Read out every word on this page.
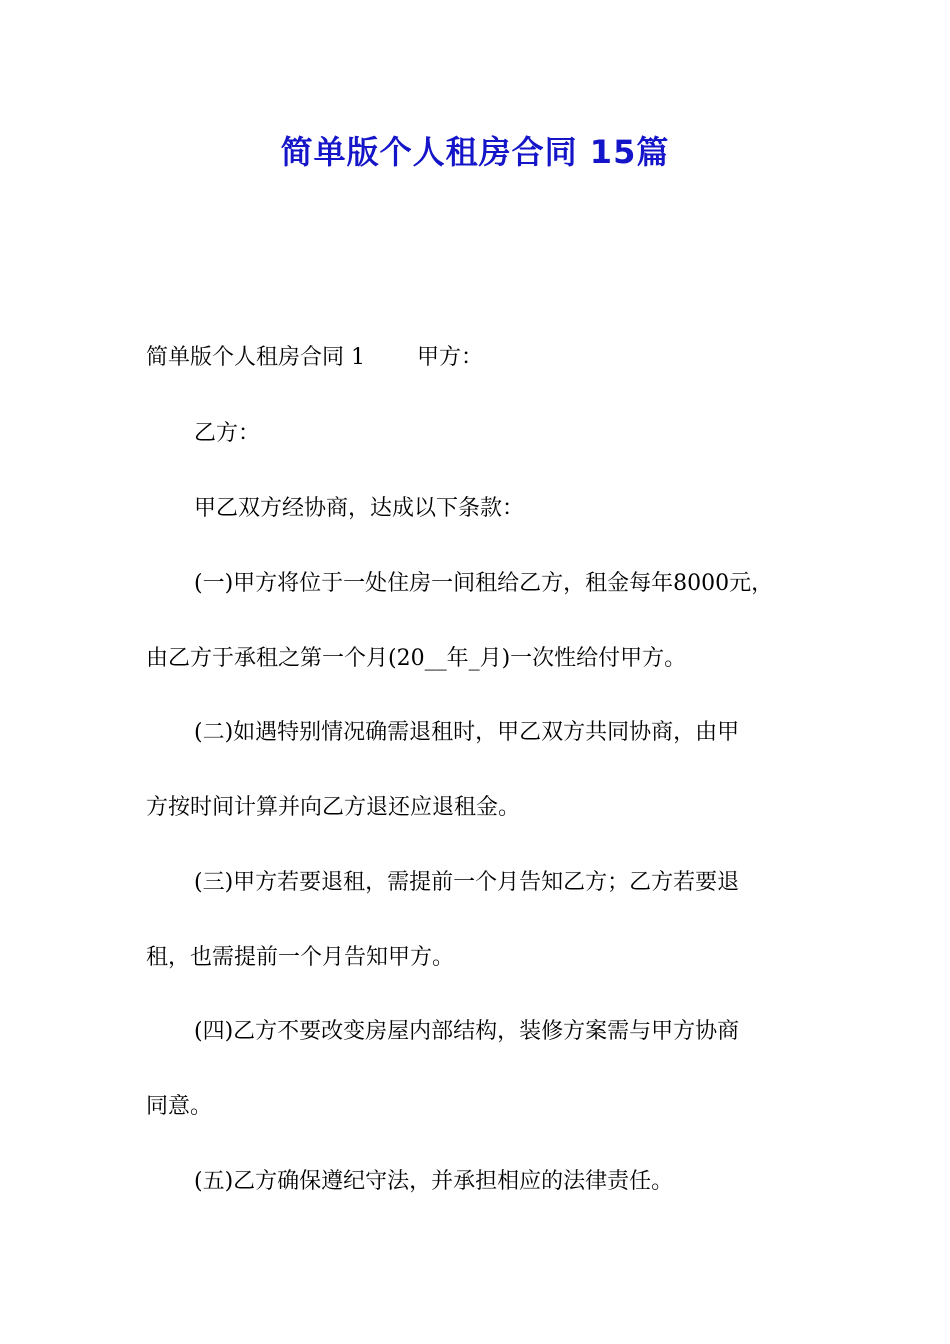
简单版个人租房合同 15篇
简单版个人租房合同 1 甲方：
乙方：
甲乙双方经协商，达成以下条款：
(一)甲方将位于一处住房一间租给乙方，租金每年8000元，
由乙方于承租之第一个月(20__年_月)一次性给付甲方。
(二)如遇特别情况确需退租时，甲乙双方共同协商，由甲
方按时间计算并向乙方退还应退租金。
(三)甲方若要退租，需提前一个月告知乙方；乙方若要退
租，也需提前一个月告知甲方。
(四)乙方不要改变房屋内部结构，装修方案需与甲方协商
同意。
(五)乙方确保遵纪守法，并承担相应的法律责任。
